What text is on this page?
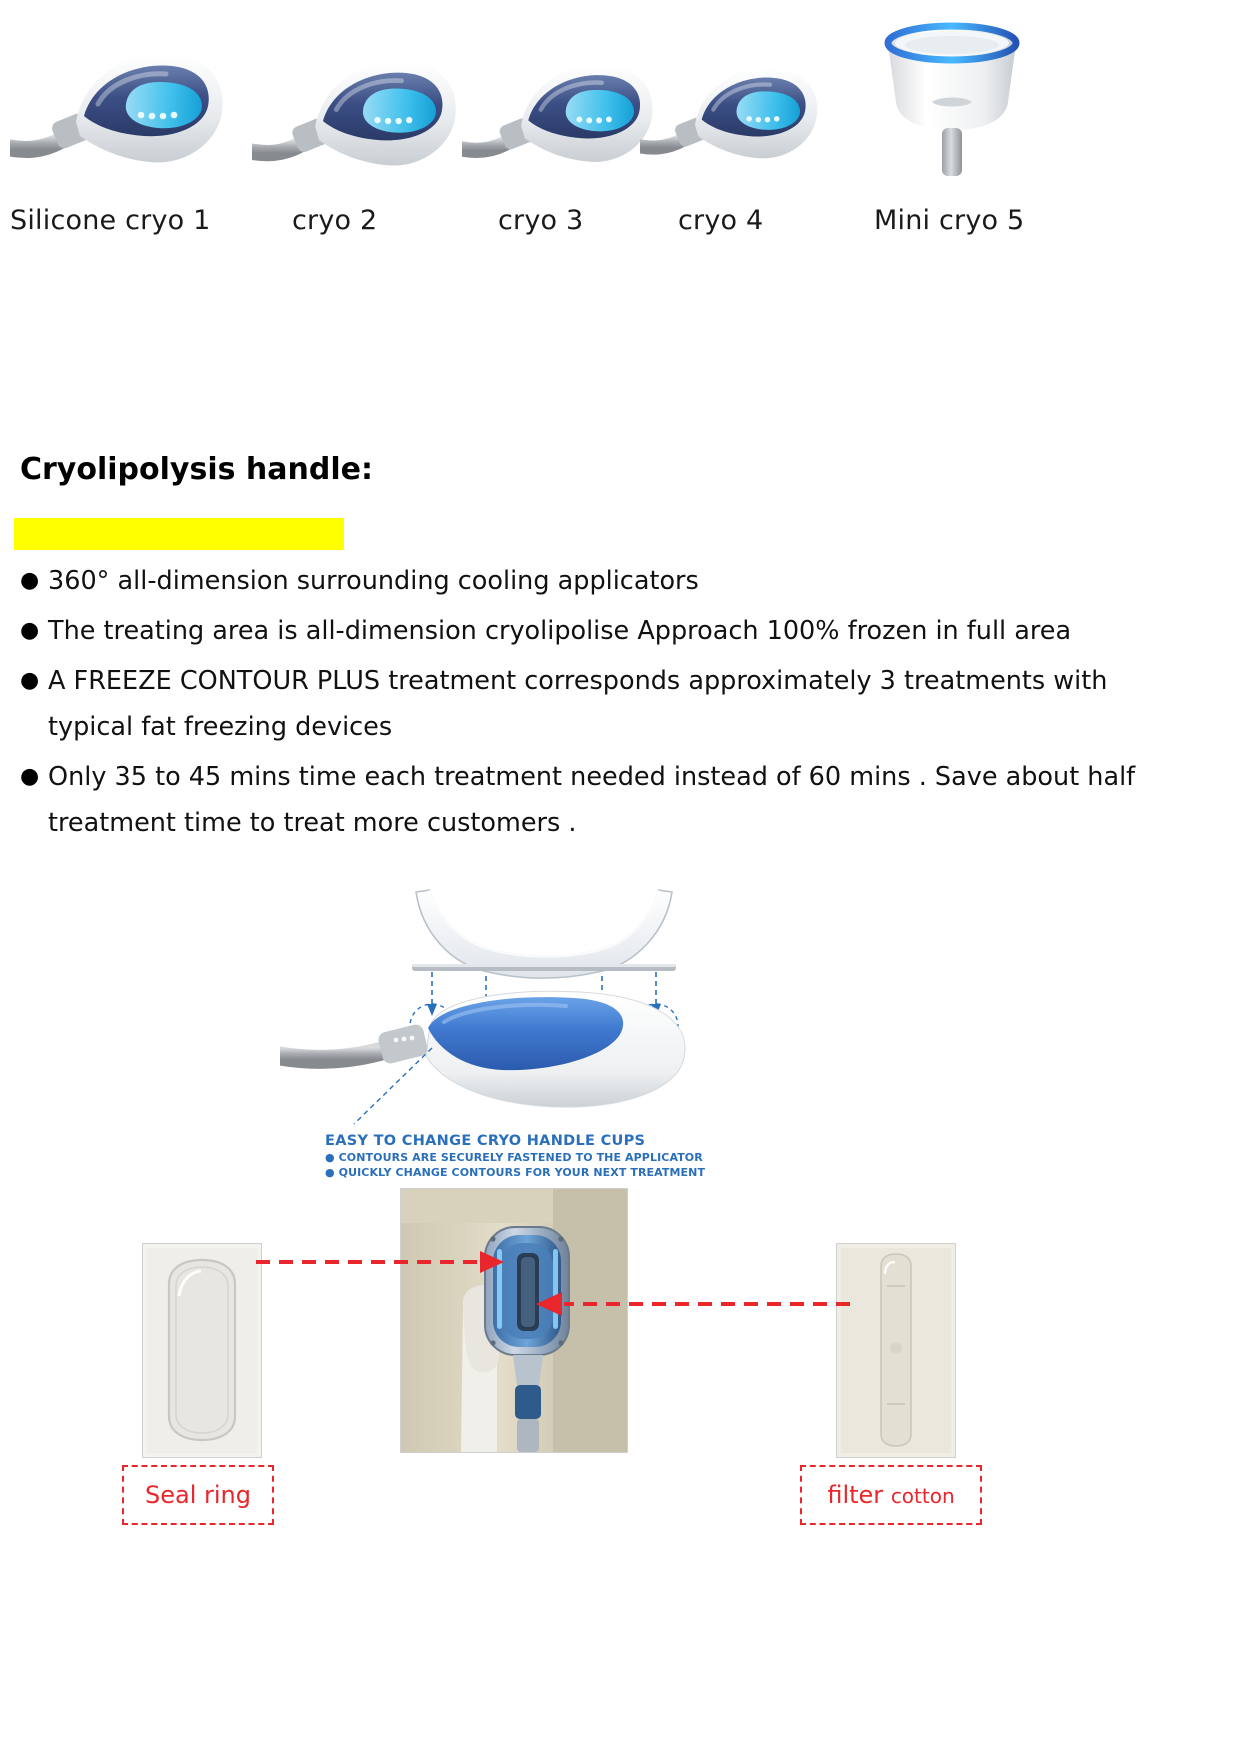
Silicone cryo 1	cryo 2	cryo 3	cryo 4	Mini cryo 5
Cryolipolysis handle:
● 360° all-dimension surrounding cooling applicators
● The treating area is all-dimension cryolipolise Approach 100% frozen in full area
● A FREEZE CONTOUR PLUS treatment corresponds approximately 3 treatments with typical fat freezing devices
● Only 35 to 45 mins time each treatment needed instead of 60 mins . Save about half treatment time to treat more customers .
EASY TO CHANGE CRYO HANDLE CUPS
● CONTOURS ARE SECURELY FASTENED TO THE APPLICATOR
● QUICKLY CHANGE CONTOURS FOR YOUR NEXT TREATMENT
Seal ring	filter cotton
